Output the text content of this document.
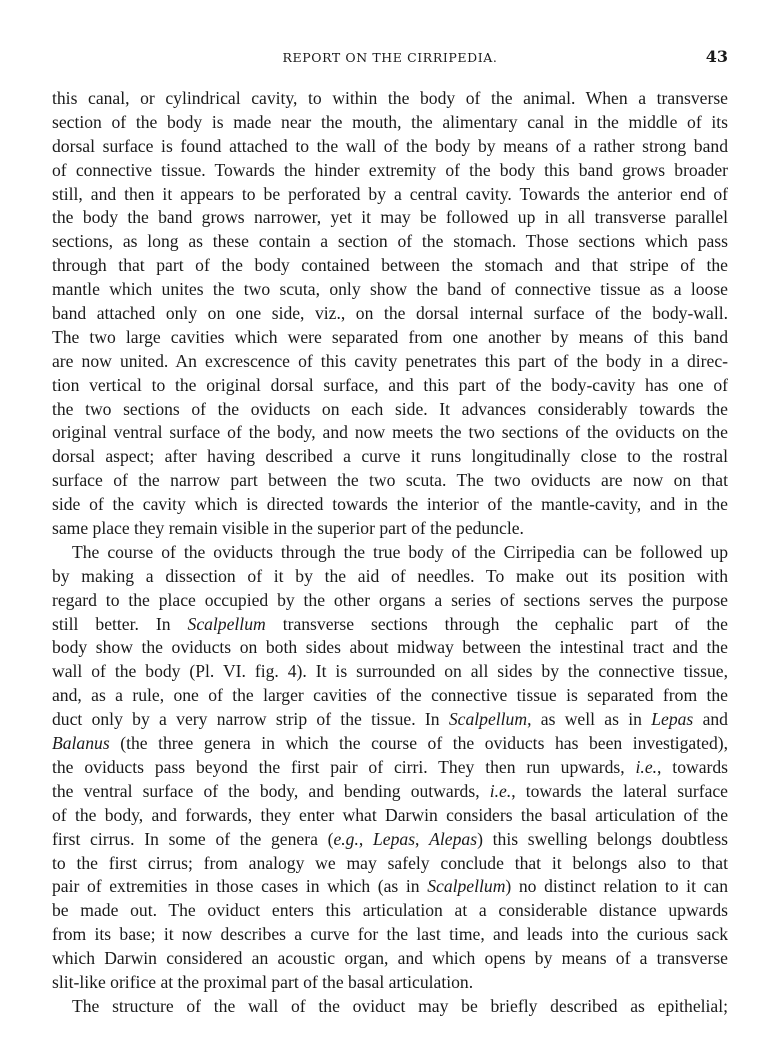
REPORT ON THE CIRRIPEDIA.	43
this canal, or cylindrical cavity, to within the body of the animal. When a transverse
section of the body is made near the mouth, the alimentary canal in the middle of its
dorsal surface is found attached to the wall of the body by means of a rather strong band
of connective tissue. Towards the hinder extremity of the body this band grows broader
still, and then it appears to be perforated by a central cavity. Towards the anterior end of
the body the band grows narrower, yet it may be followed up in all transverse parallel
sections, as long as these contain a section of the stomach. Those sections which pass
through that part of the body contained between the stomach and that stripe of the
mantle which unites the two scuta, only show the band of connective tissue as a loose
band attached only on one side, viz., on the dorsal internal surface of the body-wall.
The two large cavities which were separated from one another by means of this band
are now united. An excrescence of this cavity penetrates this part of the body in a direc-
tion vertical to the original dorsal surface, and this part of the body-cavity has one of
the two sections of the oviducts on each side. It advances considerably towards the
original ventral surface of the body, and now meets the two sections of the oviducts on the
dorsal aspect; after having described a curve it runs longitudinally close to the rostral
surface of the narrow part between the two scuta. The two oviducts are now on that
side of the cavity which is directed towards the interior of the mantle-cavity, and in the
same place they remain visible in the superior part of the peduncle.
The course of the oviducts through the true body of the Cirripedia can be followed up
by making a dissection of it by the aid of needles. To make out its position with
regard to the place occupied by the other organs a series of sections serves the purpose
still better. In Scalpellum transverse sections through the cephalic part of the
body show the oviducts on both sides about midway between the intestinal tract and the
wall of the body (Pl. VI. fig. 4). It is surrounded on all sides by the connective tissue,
and, as a rule, one of the larger cavities of the connective tissue is separated from the
duct only by a very narrow strip of the tissue. In Scalpellum, as well as in Lepas and
Balanus (the three genera in which the course of the oviducts has been investigated),
the oviducts pass beyond the first pair of cirri. They then run upwards, i.e., towards
the ventral surface of the body, and bending outwards, i.e., towards the lateral surface
of the body, and forwards, they enter what Darwin considers the basal articulation of the
first cirrus. In some of the genera (e.g., Lepas, Alepas) this swelling belongs doubtless
to the first cirrus; from analogy we may safely conclude that it belongs also to that
pair of extremities in those cases in which (as in Scalpellum) no distinct relation to it can
be made out. The oviduct enters this articulation at a considerable distance upwards
from its base; it now describes a curve for the last time, and leads into the curious sack
which Darwin considered an acoustic organ, and which opens by means of a transverse
slit-like orifice at the proximal part of the basal articulation.
The structure of the wall of the oviduct may be briefly described as epithelial;
